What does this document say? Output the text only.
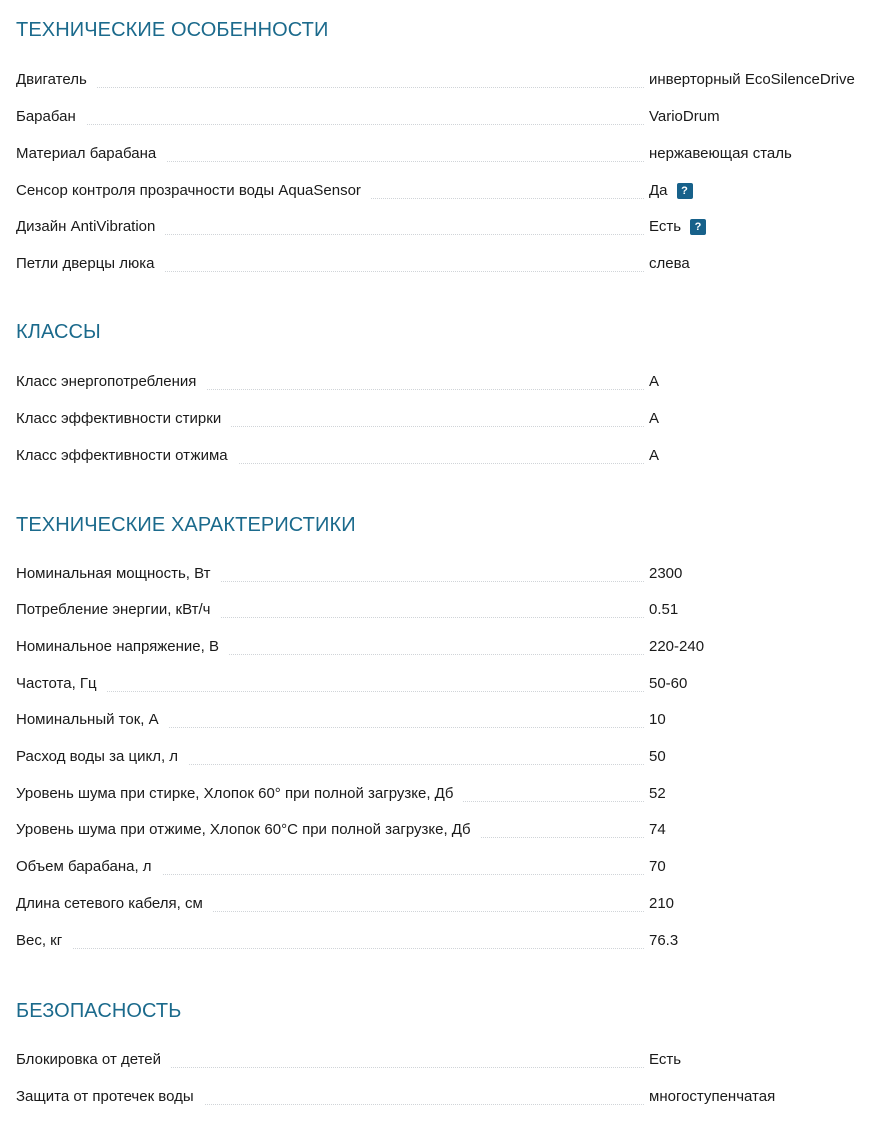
ТЕХНИЧЕСКИЕ ОСОБЕННОСТИ
Двигатель	инверторный EcoSilenceDrive
Барабан	VarioDrum
Материал барабана	нержавеющая сталь
Сенсор контроля прозрачности воды AquaSensor	Да ?
Дизайн AntiVibration	Есть ?
Петли дверцы люка	слева
КЛАССЫ
Класс энергопотребления	A
Класс эффективности стирки	A
Класс эффективности отжима	A
ТЕХНИЧЕСКИЕ ХАРАКТЕРИСТИКИ
Номинальная мощность, Вт	2300
Потребление энергии, кВт/ч	0.51
Номинальное напряжение, В	220-240
Частота, Гц	50-60
Номинальный ток, А	10
Расход воды за цикл, л	50
Уровень шума при стирке, Хлопок 60° при полной загрузке, Дб	52
Уровень шума при отжиме, Хлопок 60°C при полной загрузке, Дб	74
Объем барабана, л	70
Длина сетевого кабеля, см	210
Вес, кг	76.3
БЕЗОПАСНОСТЬ
Блокировка от детей	Есть
Защита от протечек воды	многоступенчатая
